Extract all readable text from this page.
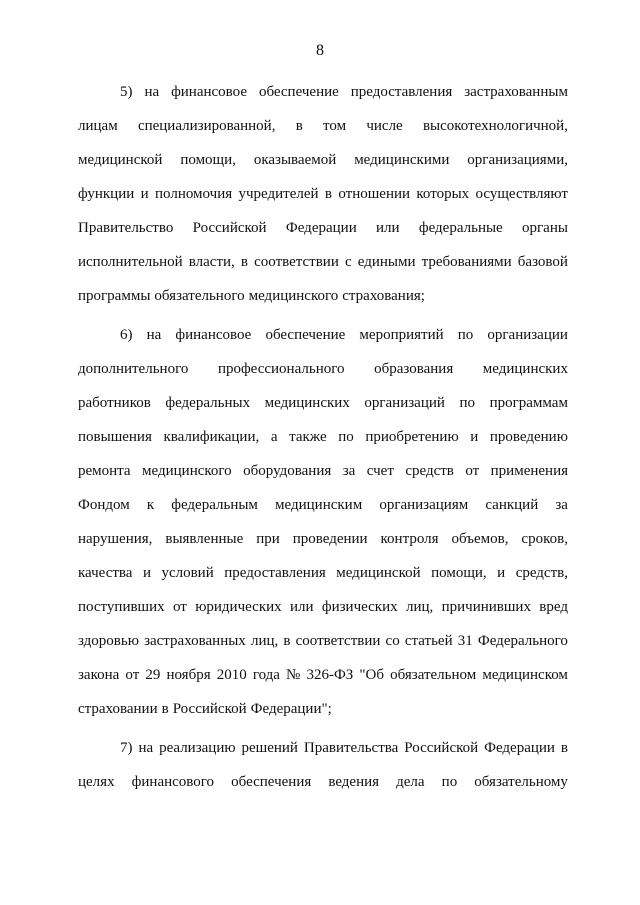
8
5) на финансовое обеспечение предоставления застрахованным
лицам специализированной, в том числе высокотехнологичной,
медицинской помощи, оказываемой медицинскими организациями,
функции и полномочия учредителей в отношении которых осуществляют
Правительство Российской Федерации или федеральные органы
исполнительной власти, в соответствии с едиными требованиями базовой
программы обязательного медицинского страхования;
6) на финансовое обеспечение мероприятий по организации
дополнительного профессионального образования медицинских
работников федеральных медицинских организаций по программам
повышения квалификации, а также по приобретению и проведению
ремонта медицинского оборудования за счет средств от применения
Фондом к федеральным медицинским организациям санкций за
нарушения, выявленные при проведении контроля объемов, сроков,
качества и условий предоставления медицинской помощи, и средств,
поступивших от юридических или физических лиц, причинивших вред
здоровью застрахованных лиц, в соответствии со статьей 31 Федерального
закона от 29 ноября 2010 года № 326-ФЗ "Об обязательном медицинском
страховании в Российской Федерации";
7) на реализацию решений Правительства Российской Федерации в
целях финансового обеспечения ведения дела по обязательному
